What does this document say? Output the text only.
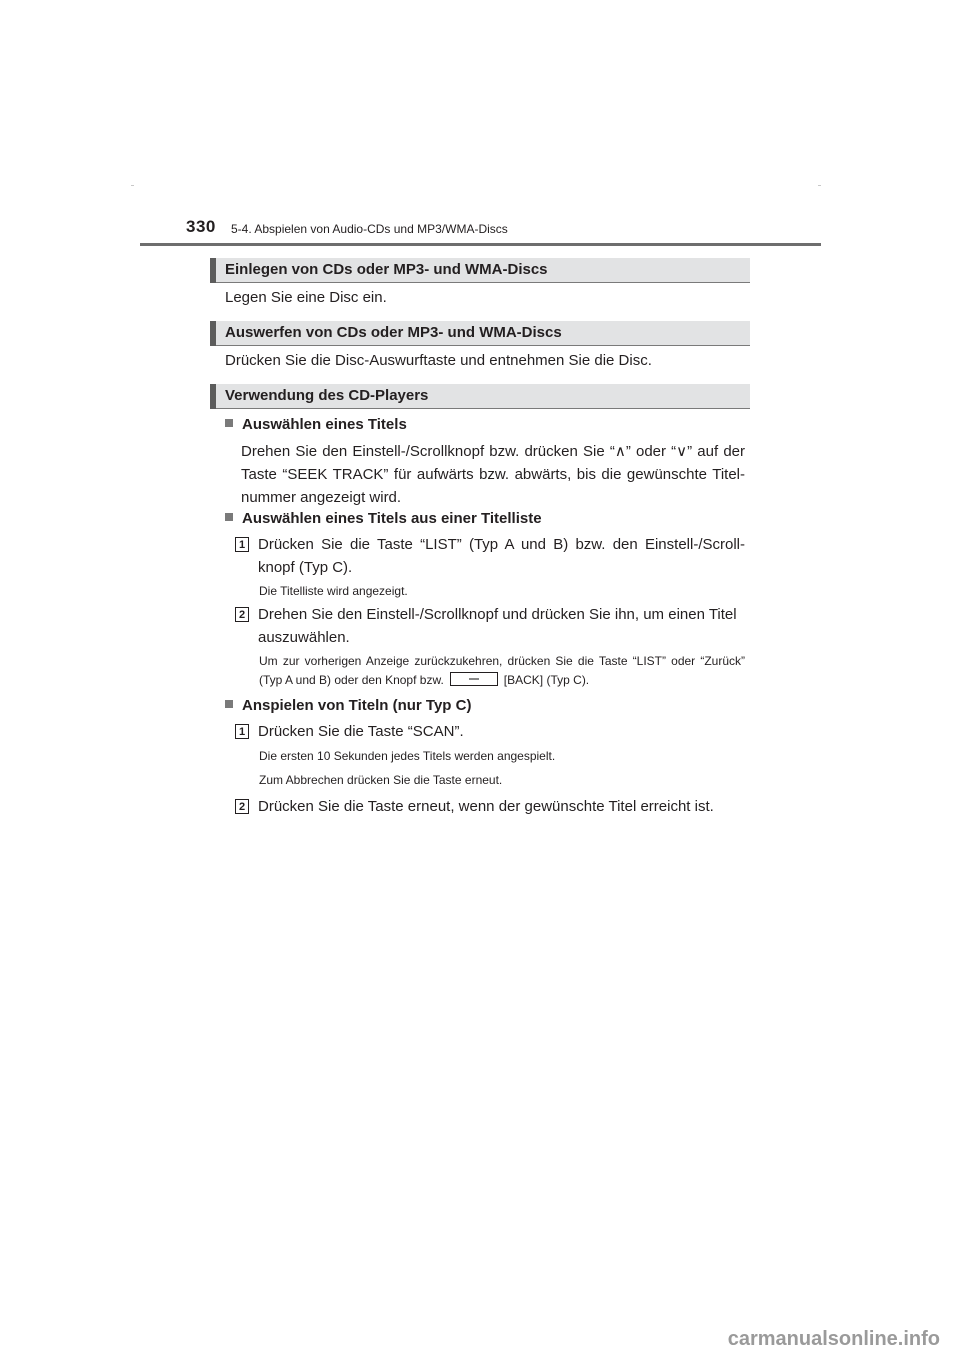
330 5-4. Abspielen von Audio-CDs und MP3/WMA-Discs
Einlegen von CDs oder MP3- und WMA-Discs
Legen Sie eine Disc ein.
Auswerfen von CDs oder MP3- und WMA-Discs
Drücken Sie die Disc-Auswurftaste und entnehmen Sie die Disc.
Verwendung des CD-Players
Auswählen eines Titels
Drehen Sie den Einstell-/Scrollknopf bzw. drücken Sie “∧” oder “∨” auf der Taste “SEEK TRACK” für aufwärts bzw. abwärts, bis die gewünschte Titel-nummer angezeigt wird.
Auswählen eines Titels aus einer Titelliste
1 Drücken Sie die Taste “LIST” (Typ A und B) bzw. den Einstell-/Scroll-knopf (Typ C).
Die Titelliste wird angezeigt.
2 Drehen Sie den Einstell-/Scrollknopf und drücken Sie ihn, um einen Titel auszuwählen.
Um zur vorherigen Anzeige zurückzukehren, drücken Sie die Taste “LIST” oder “Zurück” (Typ A und B) oder den Knopf bzw.	[BACK] (Typ C).
Anspielen von Titeln (nur Typ C)
1 Drücken Sie die Taste “SCAN”.
Die ersten 10 Sekunden jedes Titels werden angespielt.
Zum Abbrechen drücken Sie die Taste erneut.
2 Drücken Sie die Taste erneut, wenn der gewünschte Titel erreicht ist.
carmanualsonline.info
